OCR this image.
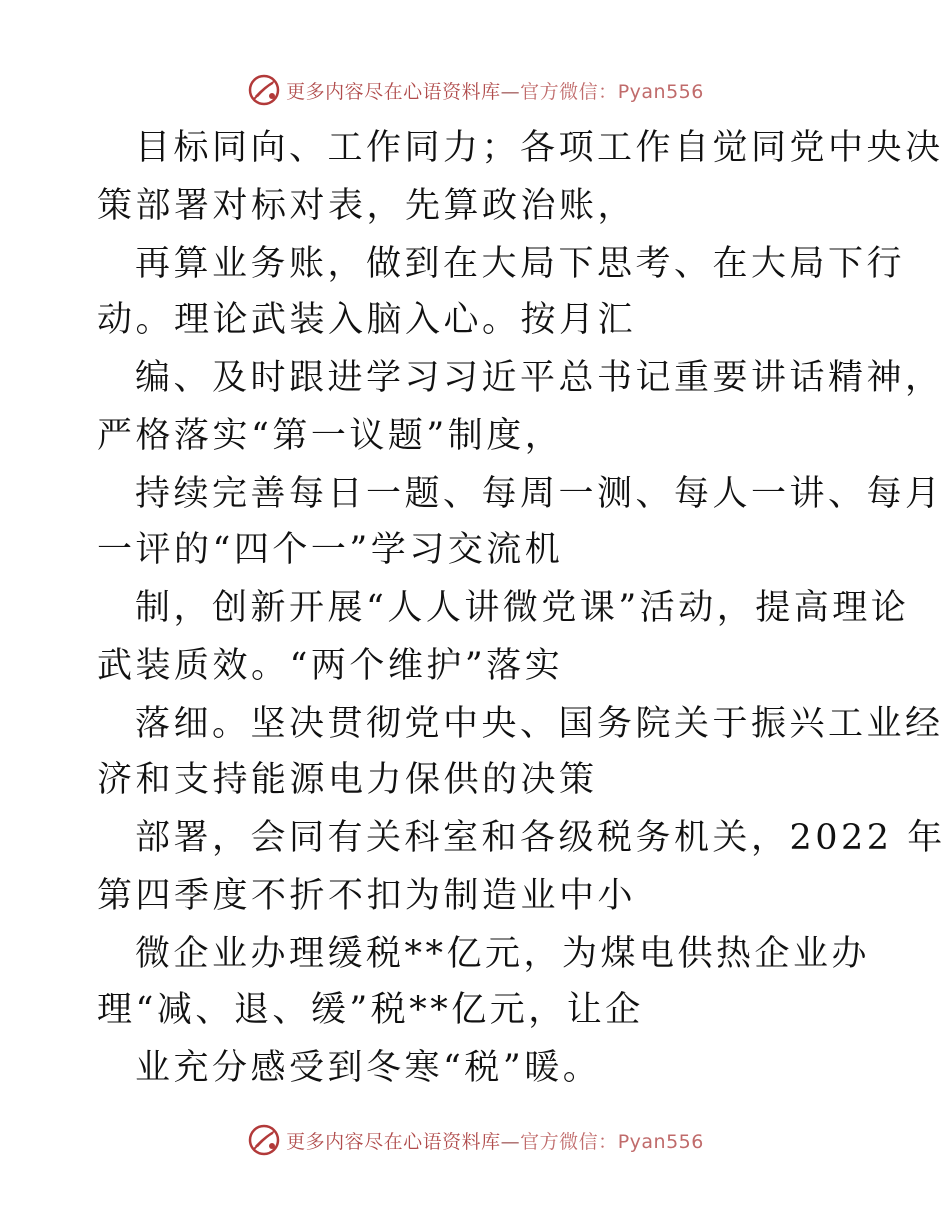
更多内容尽在心语资料库—官方微信：Pyan556
目标同向、工作同力；各项工作自觉同党中央决
策部署对标对表，先算政治账，
再算业务账，做到在大局下思考、在大局下行
动。理论武装入脑入心。按月汇
编、及时跟进学习习近平总书记重要讲话精神，
严格落实“第一议题”制度，
持续完善每日一题、每周一测、每人一讲、每月
一评的“四个一”学习交流机
制，创新开展“人人讲微党课”活动，提高理论
武装质效。“两个维护”落实
落细。坚决贯彻党中央、国务院关于振兴工业经
济和支持能源电力保供的决策
部署，会同有关科室和各级税务机关，2022 年
第四季度不折不扣为制造业中小
微企业办理缓税**亿元，为煤电供热企业办
理“减、退、缓”税**亿元，让企
业充分感受到冬寒“税”暖。
更多内容尽在心语资料库—官方微信：Pyan556
